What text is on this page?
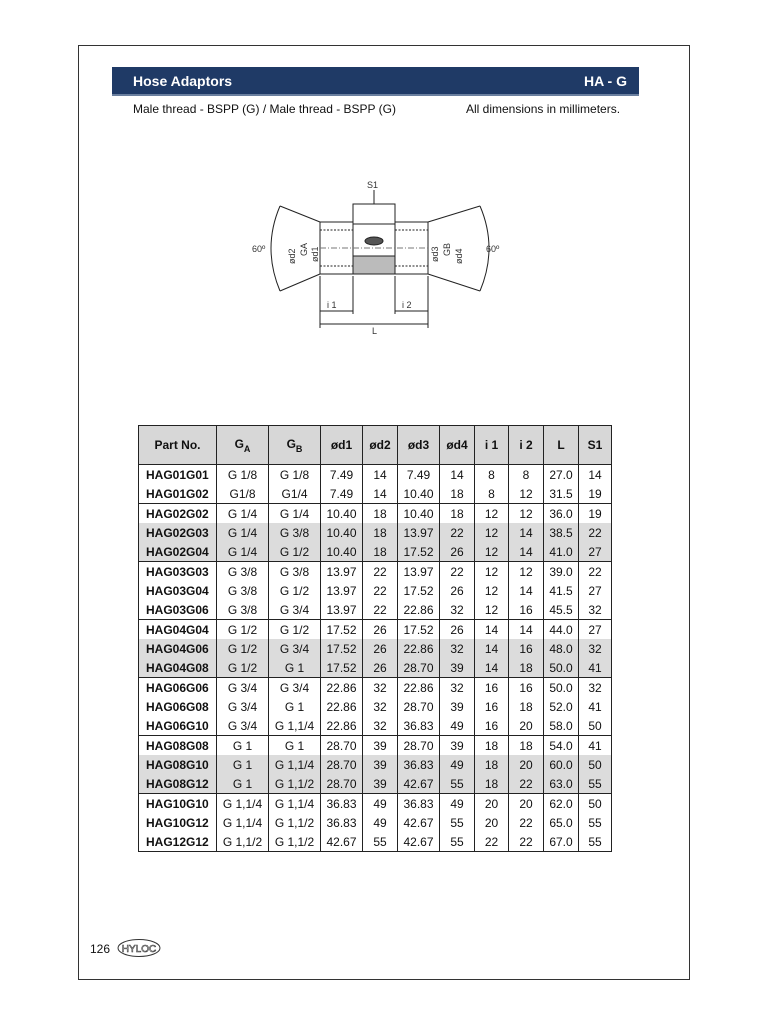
Hose Adaptors	HA - G
Male thread - BSPP (G) / Male thread - BSPP (G)	All dimensions in millimeters.
S1
60º	60º
ød2 GA ød1	ød3 GB ød4
i 1	i 2
L
Part No.	$G_A$	$G_B$	ød1	ød2	ød3	ød4	i 1	i 2	L	S1
HAG01G01	G 1/8	G 1/8	7.49	14	7.49	14	8	8	27.0	14
HAG01G02	G1/8	G1/4	7.49	14	10.40	18	8	12	31.5	19
HAG02G02	G 1/4	G 1/4	10.40	18	10.40	18	12	12	36.0	19
HAG02G03	G 1/4	G 3/8	10.40	18	13.97	22	12	14	38.5	22
HAG02G04	G 1/4	G 1/2	10.40	18	17.52	26	12	14	41.0	27
HAG03G03	G 3/8	G 3/8	13.97	22	13.97	22	12	12	39.0	22
HAG03G04	G 3/8	G 1/2	13.97	22	17.52	26	12	14	41.5	27
HAG03G06	G 3/8	G 3/4	13.97	22	22.86	32	12	16	45.5	32
HAG04G04	G 1/2	G 1/2	17.52	26	17.52	26	14	14	44.0	27
HAG04G06	G 1/2	G 3/4	17.52	26	22.86	32	14	16	48.0	32
HAG04G08	G 1/2	G 1	17.52	26	28.70	39	14	18	50.0	41
HAG06G06	G 3/4	G 3/4	22.86	32	22.86	32	16	16	50.0	32
HAG06G08	G 3/4	G 1	22.86	32	28.70	39	16	18	52.0	41
HAG06G10	G 3/4	G 1,1/4	22.86	32	36.83	49	16	20	58.0	50
HAG08G08	G 1	G 1	28.70	39	28.70	39	18	18	54.0	41
HAG08G10	G 1	G 1,1/4	28.70	39	36.83	49	18	20	60.0	50
HAG08G12	G 1	G 1,1/2	28.70	39	42.67	55	18	22	63.0	55
HAG10G10	G 1,1/4	G 1,1/4	36.83	49	36.83	49	20	20	62.0	50
HAG10G12	G 1,1/4	G 1,1/2	36.83	49	42.67	55	20	22	65.0	55
HAG12G12	G 1,1/2	G 1,1/2	42.67	55	42.67	55	22	22	67.0	55
126 HYLOC
